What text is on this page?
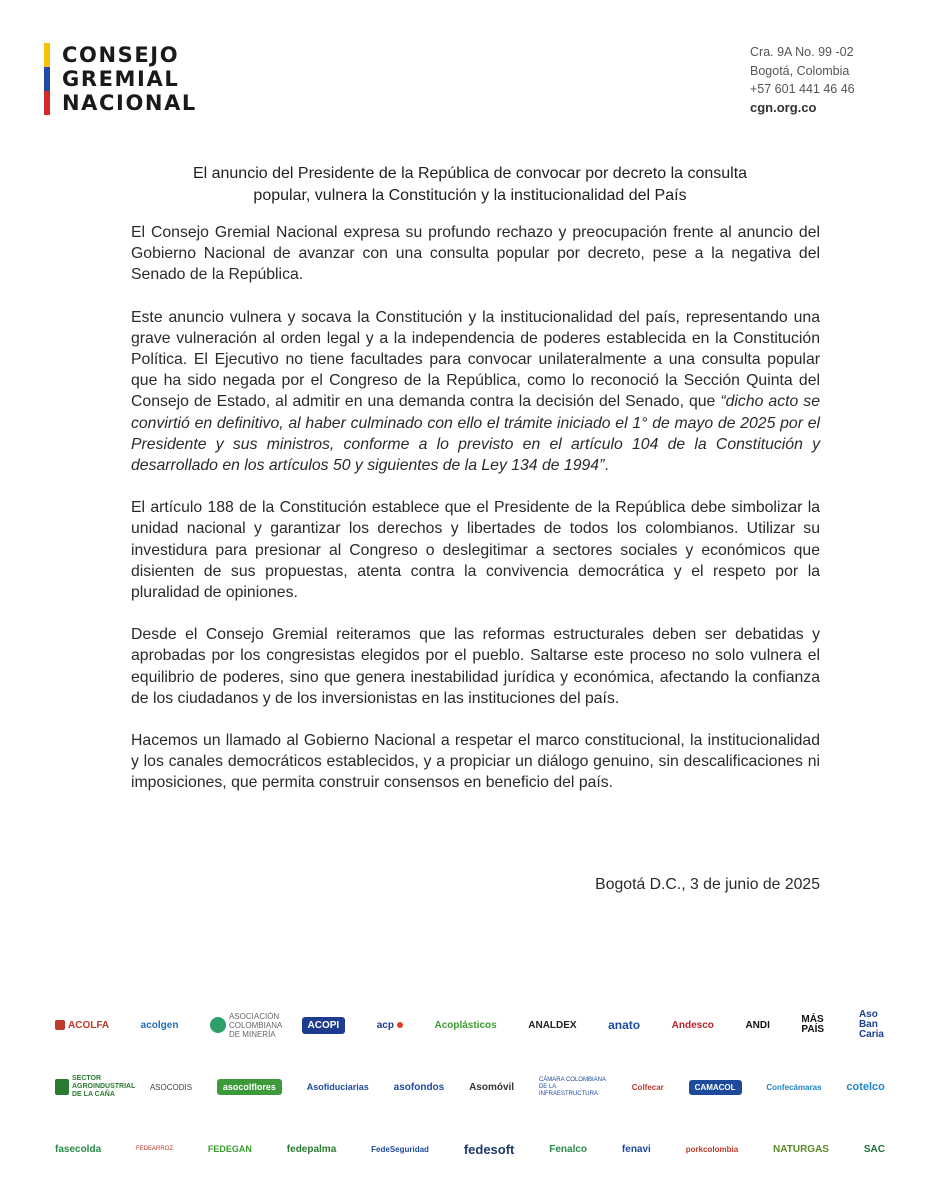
CONSEJO
GREMIAL
NACIONAL
Cra. 9A No. 99 -02
Bogotá, Colombia
+57 601 441 46 46
cgn.org.co
El anuncio del Presidente de la República de convocar por decreto la consulta
popular, vulnera la Constitución y la institucionalidad del País

El Consejo Gremial Nacional expresa su profundo rechazo y preocupación frente al anuncio del Gobierno Nacional de avanzar con una consulta popular por decreto, pese a la negativa del Senado de la República.

Este anuncio vulnera y socava la Constitución y la institucionalidad del país, representando una grave vulneración al orden legal y a la independencia de poderes establecida en la Constitución Política. El Ejecutivo no tiene facultades para convocar unilateralmente a una consulta popular que ha sido negada por el Congreso de la República, como lo reconoció la Sección Quinta del Consejo de Estado, al admitir en una demanda contra la decisión del Senado, que “dicho acto se convirtió en definitivo, al haber culminado con ello el trámite iniciado el 1° de mayo de 2025 por el Presidente y sus ministros, conforme a lo previsto en el artículo 104 de la Constitución y desarrollado en los artículos 50 y siguientes de la Ley 134 de 1994”.

El artículo 188 de la Constitución establece que el Presidente de la República debe simbolizar la unidad nacional y garantizar los derechos y libertades de todos los colombianos. Utilizar su investidura para presionar al Congreso o deslegitimar a sectores sociales y económicos que disienten de sus propuestas, atenta contra la convivencia democrática y el respeto por la pluralidad de opiniones.

Desde el Consejo Gremial reiteramos que las reformas estructurales deben ser debatidas y aprobadas por los congresistas elegidos por el pueblo. Saltarse este proceso no solo vulnera el equilibrio de poderes, sino que genera inestabilidad jurídica y económica, afectando la confianza de los ciudadanos y de los inversionistas en las instituciones del país.

Hacemos un llamado al Gobierno Nacional a respetar el marco constitucional, la institucionalidad y los canales democráticos establecidos, y a propiciar un diálogo genuino, sin descalificaciones ni imposiciones, que permita construir consensos en beneficio del país.

Bogotá D.C., 3 de junio de 2025
ACOLFA	acolgen
ASOCIACIÓN COLOMBIANA DE MINERÍA
ACOPI	acp	Acoplásticos	ANALDEX	anato	Andesco	ANDI	MÁS PAÍS
Aso Ban Caria
SECTOR AGROINDUSTRIAL DE LA CAÑA
ASOCODIS	asocolflores	Asofiduciarias asofondos Asomóvil
CÁMARA COLOMBIANA DE LA INFRAESTRUCTURA
Colfecar	CAMACOL	Confecámaras cotelco
fasecolda	FEDEARROZ	FEDEGAN	fedepalma	FedeSeguridad	fedesoft	Fenalco	fenavi	porkcolombia	NATURGAS	SAC
